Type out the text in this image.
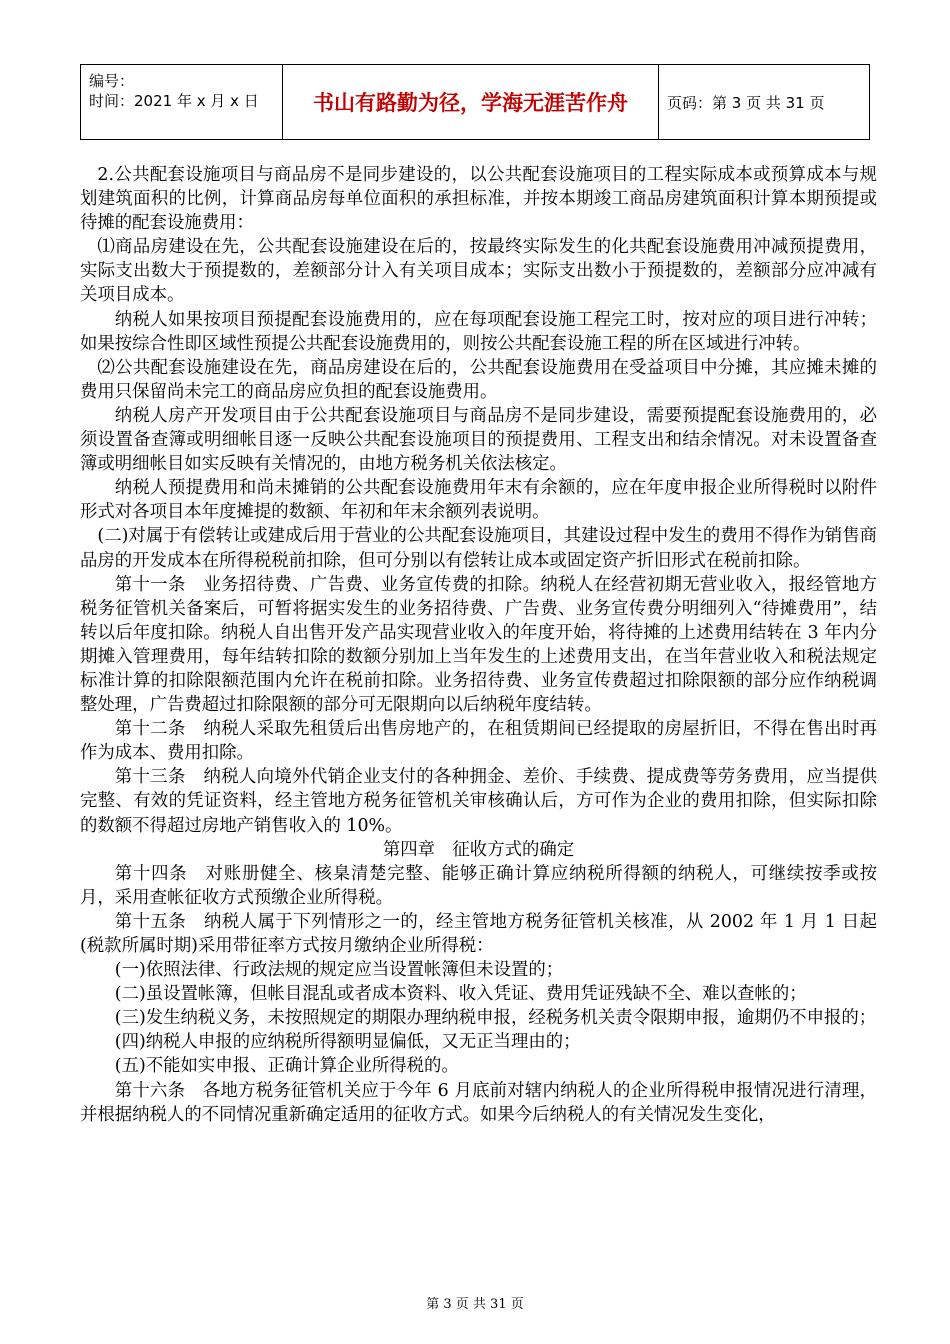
编号：
时间：2021 年 x 月 x 日	书山有路勤为径，学海无涯苦作舟	页码：第 3 页 共 31 页

2.公共配套设施项目与商品房不是同步建设的，以公共配套设施项目的工程实际成本或预算成本与规划建筑面积的比例，计算商品房每单位面积的承担标准，并按本期竣工商品房建筑面积计算本期预提或待摊的配套设施费用：

⑴商品房建设在先，公共配套设施建设在后的，按最终实际发生的化共配套设施费用冲减预提费用，实际支出数大于预提数的，差额部分计入有关项目成本；实际支出数小于预提数的，差额部分应冲减有关项目成本。

纳税人如果按项目预提配套设施费用的，应在每项配套设施工程完工时，按对应的项目进行冲转；如果按综合性即区域性预提公共配套设施费用的，则按公共配套设施工程的所在区域进行冲转。

⑵公共配套设施建设在先，商品房建设在后的，公共配套设施费用在受益项目中分摊，其应摊未摊的费用只保留尚未完工的商品房应负担的配套设施费用。

纳税人房产开发项目由于公共配套设施项目与商品房不是同步建设，需要预提配套设施费用的，必须设置备查簿或明细帐目逐一反映公共配套设施项目的预提费用、工程支出和结余情况。对未设置备查簿或明细帐目如实反映有关情况的，由地方税务机关依法核定。

纳税人预提费用和尚未摊销的公共配套设施费用年末有余额的，应在年度申报企业所得税时以附件形式对各项目本年度摊提的数额、年初和年末余额列表说明。

(二)对属于有偿转让或建成后用于营业的公共配套设施项目，其建设过程中发生的费用不得作为销售商品房的开发成本在所得税税前扣除，但可分别以有偿转让成本或固定资产折旧形式在税前扣除。

第十一条　业务招待费、广告费、业务宣传费的扣除。纳税人在经营初期无营业收入，报经管地方税务征管机关备案后，可暂将据实发生的业务招待费、广告费、业务宣传费分明细列入“待摊费用”，结转以后年度扣除。纳税人自出售开发产品实现营业收入的年度开始，将待摊的上述费用结转在 3 年内分期摊入管理费用，每年结转扣除的数额分别加上当年发生的上述费用支出，在当年营业收入和税法规定标准计算的扣除限额范围内允许在税前扣除。业务招待费、业务宣传费超过扣除限额的部分应作纳税调整处理，广告费超过扣除限额的部分可无限期向以后纳税年度结转。

第十二条　纳税人采取先租赁后出售房地产的，在租赁期间已经提取的房屋折旧，不得在售出时再作为成本、费用扣除。

第十三条　纳税人向境外代销企业支付的各种拥金、差价、手续费、提成费等劳务费用，应当提供完整、有效的凭证资料，经主管地方税务征管机关审核确认后，方可作为企业的费用扣除，但实际扣除的数额不得超过房地产销售收入的 10%。

第四章　征收方式的确定

第十四条　对账册健全、核臬清楚完整、能够正确计算应纳税所得额的纳税人，可继续按季或按月，采用查帐征收方式预缴企业所得税。

第十五条　纳税人属于下列情形之一的，经主管地方税务征管机关核准，从 2002 年 1 月 1 日起(税款所属时期)采用带征率方式按月缴纳企业所得税：

(一)依照法律、行政法规的规定应当设置帐簿但未设置的；

(二)虽设置帐簿，但帐目混乱或者成本资料、收入凭证、费用凭证残缺不全、难以查帐的；

(三)发生纳税义务，未按照规定的期限办理纳税申报，经税务机关责令限期申报，逾期仍不申报的；

(四)纳税人申报的应纳税所得额明显偏低，又无正当理由的；

(五)不能如实申报、正确计算企业所得税的。

第十六条　各地方税务征管机关应于今年 6 月底前对辖内纳税人的企业所得税申报情况进行清理，并根据纳税人的不同情况重新确定适用的征收方式。如果今后纳税人的有关情况发生变化，

第 3 页 共 31 页
